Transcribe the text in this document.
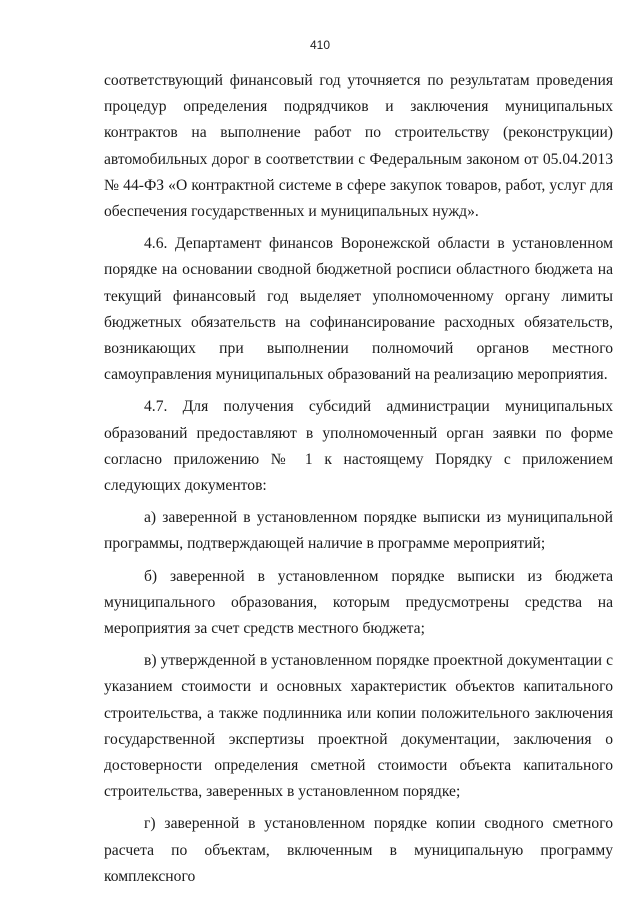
410

соответствующий финансовый год уточняется по результатам проведения процедур определения подрядчиков и заключения муниципальных контрактов на выполнение работ по строительству (реконструкции) автомобильных дорог в соответствии с Федеральным законом от 05.04.2013 № 44-ФЗ «О контрактной системе в сфере закупок товаров, работ, услуг для обеспечения государственных и муниципальных нужд».

4.6. Департамент финансов Воронежской области в установленном порядке на основании сводной бюджетной росписи областного бюджета на текущий финансовый год выделяет уполномоченному органу лимиты бюджетных обязательств на софинансирование расходных обязательств, возникающих при выполнении полномочий органов местного самоуправления муниципальных образований на реализацию мероприятия.

4.7. Для получения субсидий администрации муниципальных образований предоставляют в уполномоченный орган заявки по форме согласно приложению № 1 к настоящему Порядку с приложением следующих документов:

а) заверенной в установленном порядке выписки из муниципальной программы, подтверждающей наличие в программе мероприятий;

б) заверенной в установленном порядке выписки из бюджета муниципального образования, которым предусмотрены средства на мероприятия за счет средств местного бюджета;

в) утвержденной в установленном порядке проектной документации с указанием стоимости и основных характеристик объектов капитального строительства, а также подлинника или копии положительного заключения государственной экспертизы проектной документации, заключения о достоверности определения сметной стоимости объекта капитального строительства, заверенных в установленном порядке;

г) заверенной в установленном порядке копии сводного сметного расчета по объектам, включенным в муниципальную программу комплексного
